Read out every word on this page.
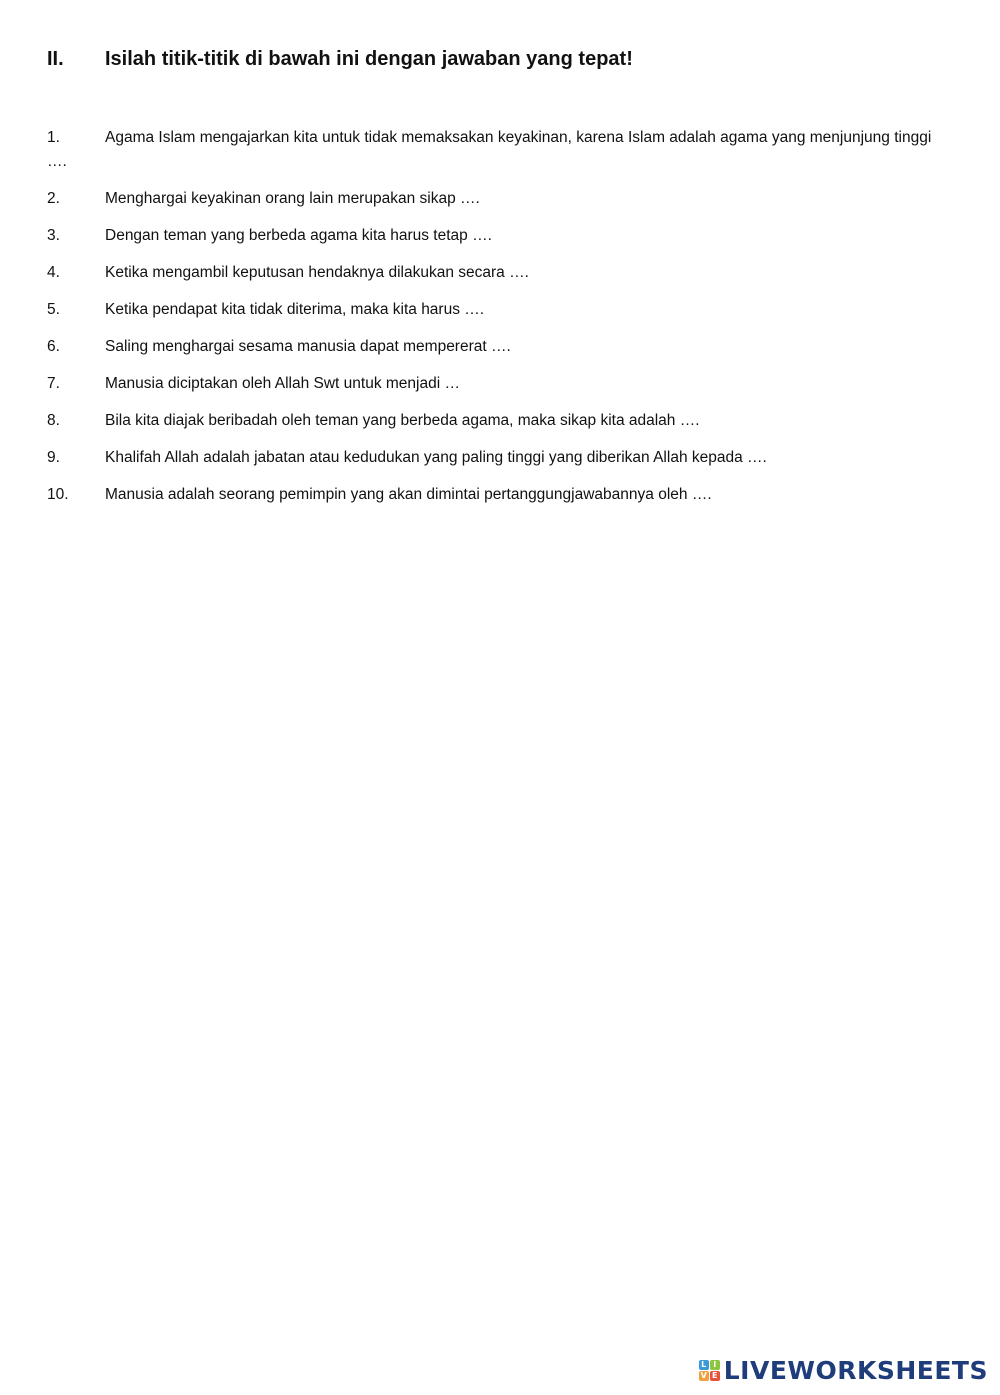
II.	Isilah titik-titik di bawah ini dengan jawaban yang tepat!
1.	Agama Islam mengajarkan kita untuk tidak memaksakan keyakinan, karena Islam adalah agama yang menjunjung tinggi ….
2.	Menghargai keyakinan orang lain merupakan sikap ….
3.	Dengan teman yang berbeda agama kita harus tetap ….
4.	Ketika mengambil keputusan hendaknya dilakukan secara ….
5.	Ketika pendapat kita tidak diterima, maka kita harus ….
6.	Saling menghargai sesama manusia dapat mempererat ….
7.	Manusia diciptakan oleh Allah Swt untuk menjadi …
8.	Bila kita diajak beribadah oleh teman yang berbeda agama, maka sikap kita adalah ….
9.	Khalifah Allah adalah jabatan atau kedudukan yang paling tinggi yang diberikan Allah kepada ….
10. Manusia adalah seorang pemimpin yang akan dimintai pertanggungjawabannya oleh ….
L I
V E LIVEWORKSHEETS
